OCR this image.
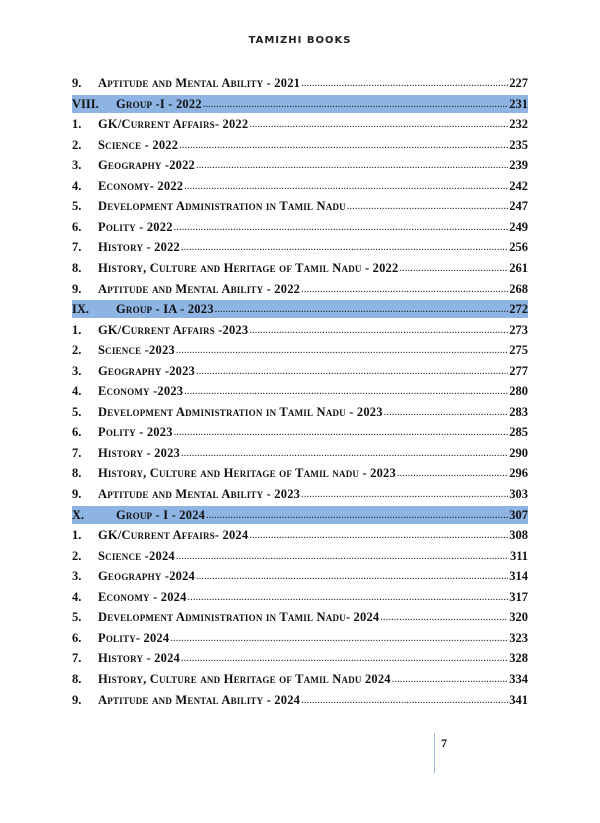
TAMIZHI BOOKS
9.	Aptitude and Mental Ability - 2021 .....	227
VIII.	Group -I - 2022 .....	231
1.	GK/Current Affairs- 2022 .....	232
2.	Science - 2022 .....	235
3.	Geography -2022 .....	239
4.	Economy- 2022 .....	242
5.	Development Administration in Tamil Nadu .....	247
6.	Polity - 2022 .....	249
7.	History - 2022 .....	256
8.	History, Culture and Heritage of Tamil Nadu - 2022 .....	261
9.	Aptitude and Mental Ability - 2022 .....	268
IX.	Group - IA - 2023 .....	272
1.	GK/Current Affairs -2023 .....	273
2.	Science -2023 .....	275
3.	Geography -2023 .....	277
4.	Economy -2023 .....	280
5.	Development Administration in Tamil Nadu - 2023 .....	283
6.	Polity - 2023 .....	285
7.	History - 2023 .....	290
8.	History, Culture and Heritage of Tamil nadu - 2023 .....	296
9.	Aptitude and Mental Ability - 2023 .....	303
X.	Group - I - 2024 .....	307
1.	GK/Current Affairs- 2024 .....	308
2.	Science -2024 .....	311
3.	Geography -2024 .....	314
4.	Economy - 2024 .....	317
5.	Development Administration in Tamil Nadu- 2024 .....	320
6.	Polity- 2024 .....	323
7.	History - 2024 .....	328
8.	History, Culture and Heritage of Tamil Nadu 2024 .....	334
9.	Aptitude and Mental Ability - 2024 .....	341
7
